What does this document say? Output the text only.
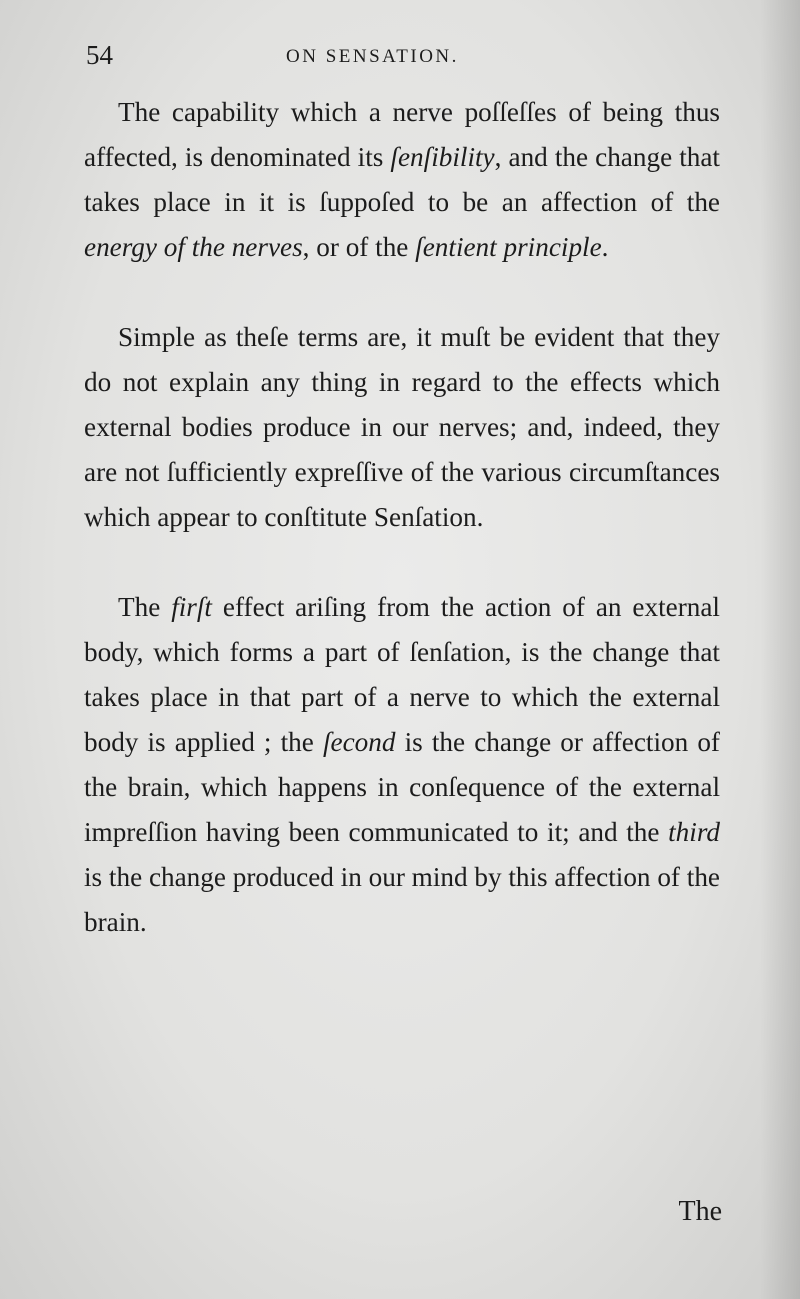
54	ON SENSATION.

The capability which a nerve poſſeſſes of being thus affected, is denominated its ſenſibility, and the change that takes place in it is ſuppoſed to be an affection of the energy of the nerves, or of the ſentient principle.

Simple as theſe terms are, it muſt be evident that they do not explain any thing in regard to the effects which external bodies produce in our nerves; and, indeed, they are not ſufficiently expreſſive of the various circumſtances which appear to conſtitute Senſation.

The firſt effect ariſing from the action of an external body, which forms a part of ſenſation, is the change that takes place in that part of a nerve to which the external body is applied ; the ſecond is the change or affection of the brain, which happens in conſequence of the external impreſſion having been communicated to it; and the third is the change produced in our mind by this affection of the brain.

The
